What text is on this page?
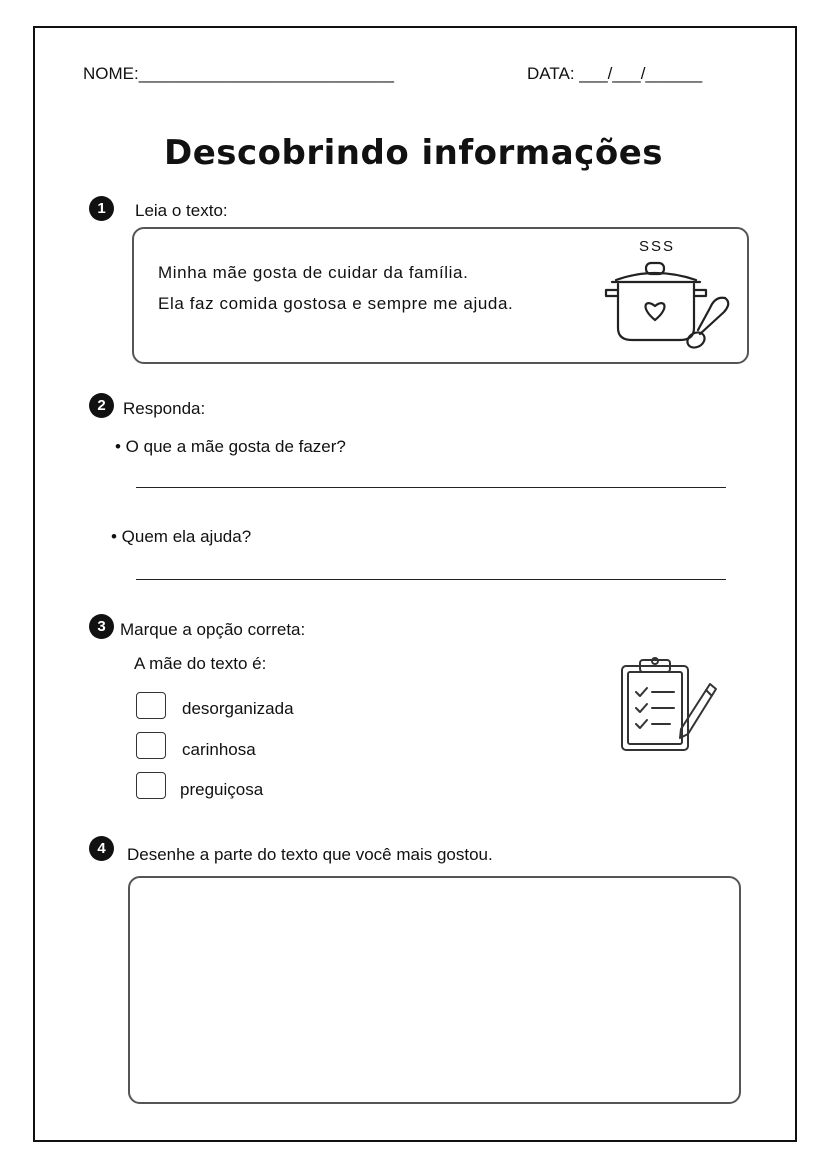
NOME:___________________________	DATA: ___/___/______
Descobrindo informações
1	Leia o texto:
Minha mãe gosta de cuidar da família.
Ela faz comida gostosa e sempre me ajuda.
SSS
2	Responda:
• O que a mãe gosta de fazer?
• Quem ela ajuda?
3 Marque a opção correta:
A mãe do texto é:
desorganizada
carinhosa
preguiçosa
4	Desenhe a parte do texto que você mais gostou.
